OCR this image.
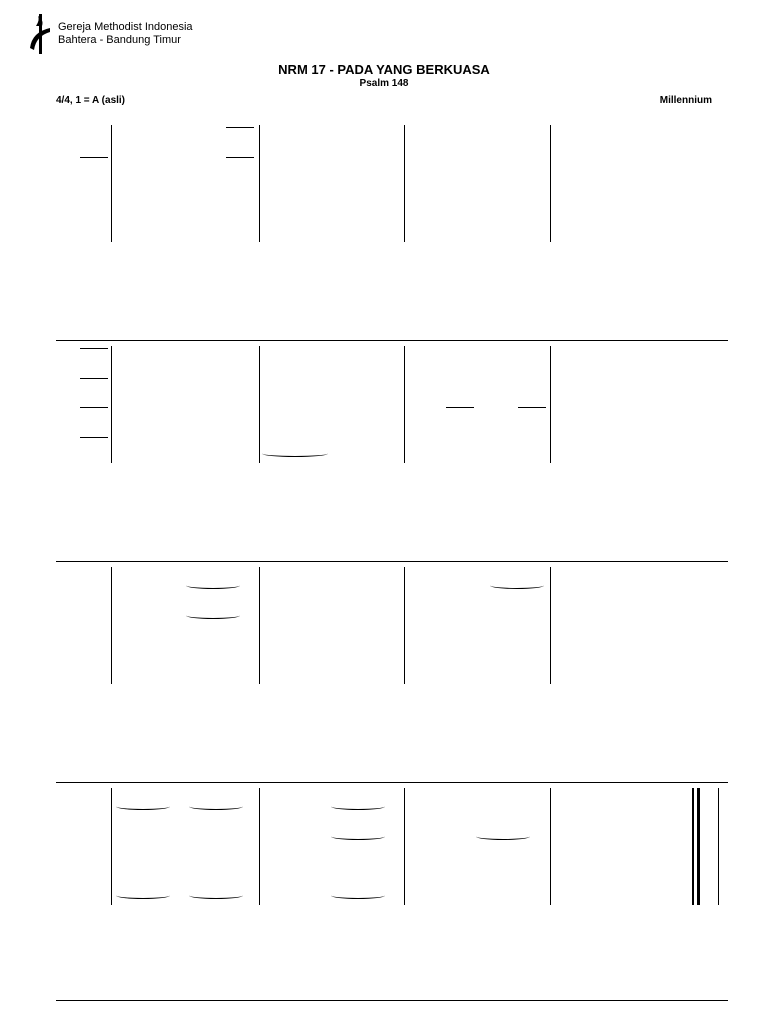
Gereja Methodist Indonesia
Bahtera - Bandung Timur
NRM 17 - PADA YANG BERKUASA
Psalm 148
4/4, 1 = A (asli)	Millennium
